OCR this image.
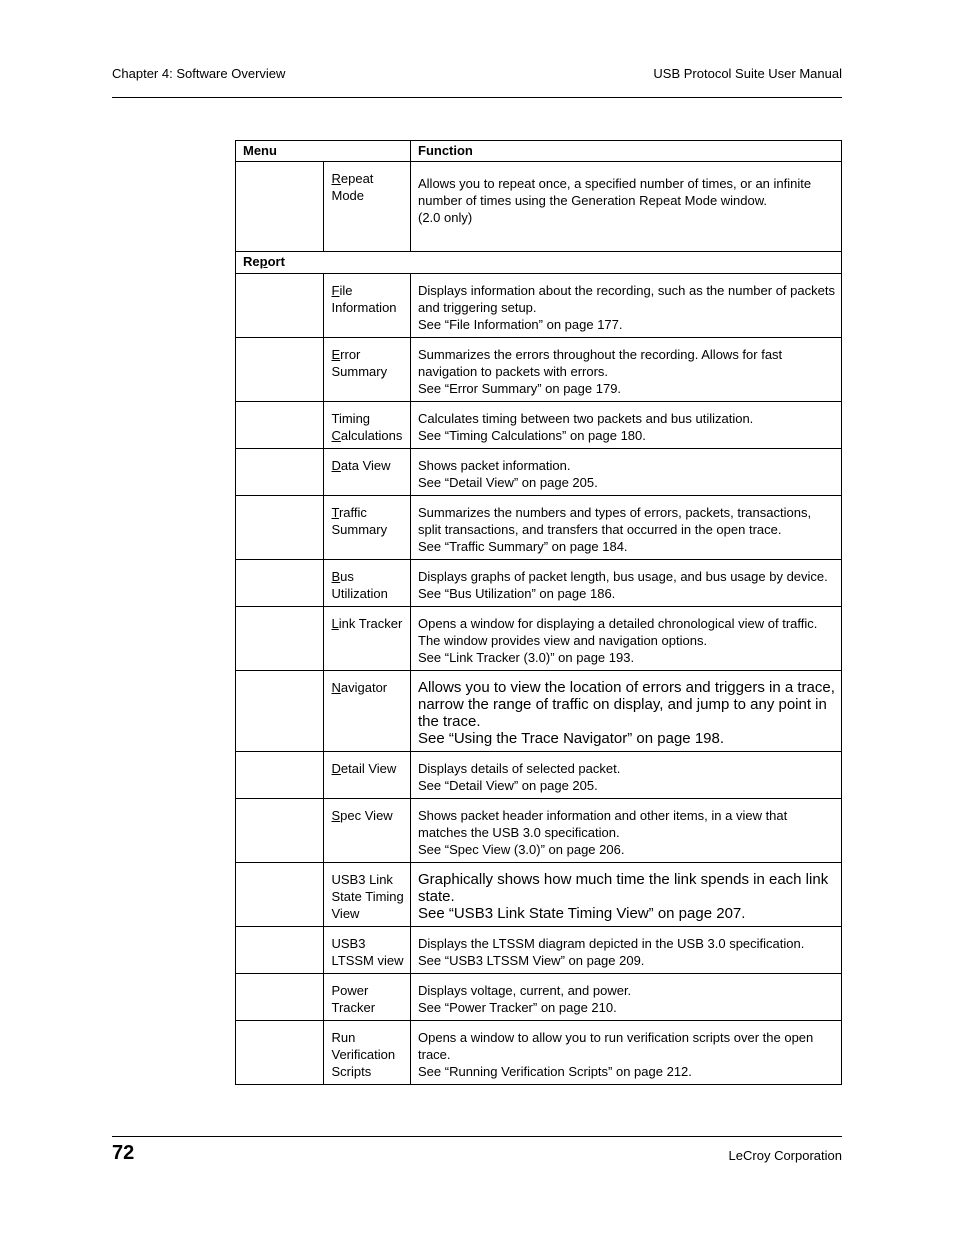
Chapter 4: Software Overview	USB Protocol Suite User Manual
Menu		Function
	Repeat Mode	Allows you to repeat once, a specified number of times, or an infinite number of times using the Generation Repeat Mode window.
(2.0 only)

Report		
	File Information	Displays information about the recording, such as the number of packets and triggering setup.
See “File Information” on page 177.

	Error Summary	Summarizes the errors throughout the recording. Allows for fast navigation to packets with errors.
See “Error Summary” on page 179.

	Timing Calculations	Calculates timing between two packets and bus utilization.
See “Timing Calculations” on page 180.

	Data View	Shows packet information.
See “Detail View” on page 205.

	Traffic Summary	Summarizes the numbers and types of errors, packets, transactions, split transactions, and transfers that occurred in the open trace.
See “Traffic Summary” on page 184.

	Bus Utilization	Displays graphs of packet length, bus usage, and bus usage by device.
See “Bus Utilization” on page 186.

	Link Tracker	Opens a window for displaying a detailed chronological view of traffic. The window provides view and navigation options.
See “Link Tracker (3.0)” on page 193.

	Navigator	Allows you to view the location of errors and triggers in a trace, narrow the range of traffic on display, and jump to any point in the trace.
See “Using the Trace Navigator” on page 198.

	Detail View	Displays details of selected packet.
See “Detail View” on page 205.

	Spec View	Shows packet header information and other items, in a view that matches the USB 3.0 specification.
See “Spec View (3.0)” on page 206.

	USB3 Link State Timing View	Graphically shows how much time the link spends in each link state.
See “USB3 Link State Timing View” on page 207.

	USB3 LTSSM view	Displays the LTSSM diagram depicted in the USB 3.0 specification.
See “USB3 LTSSM View” on page 209.

	Power Tracker	Displays voltage, current, and power.
See “Power Tracker” on page 210.

	Run Verification Scripts	Opens a window to allow you to run verification scripts over the open trace.
See “Running Verification Scripts” on page 212.
72	LeCroy Corporation
